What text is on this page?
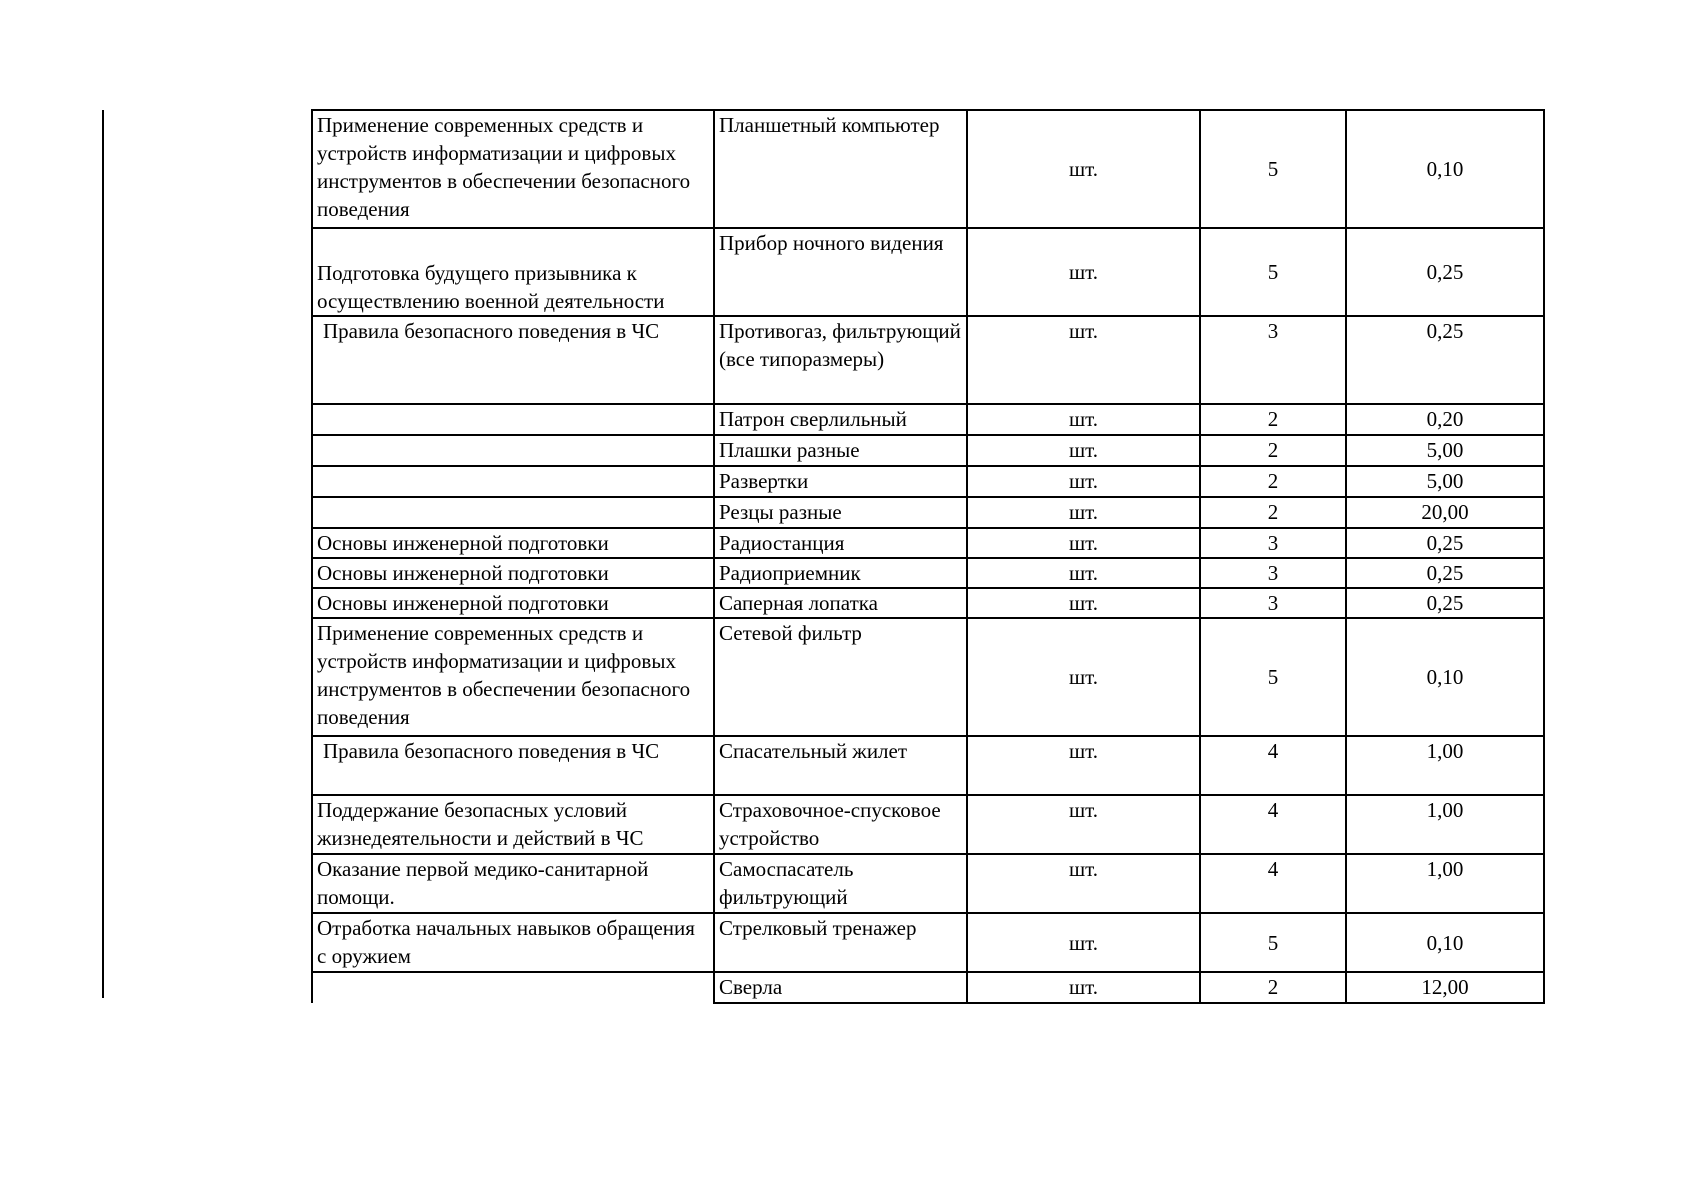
Применение современных средств и устройств информатизации и цифровых инструментов в обеспечении безопасного поведения	Планшетный компьютер	шт.	5	0,10
Подготовка будущего призывника к осуществлению военной деятельности	Прибор ночного видения	шт.	5	0,25
Правила безопасного поведения в ЧС	Противогаз, фильтрующий (все типоразмеры)	шт.	3	0,25
	Патрон сверлильный	шт.	2	0,20
	Плашки разные	шт.	2	5,00
	Развертки	шт.	2	5,00
	Резцы разные	шт.	2	20,00
Основы инженерной подготовки	Радиостанция	шт.	3	0,25
Основы инженерной подготовки	Радиоприемник	шт.	3	0,25
Основы инженерной подготовки	Саперная лопатка	шт.	3	0,25
Применение современных средств и устройств информатизации и цифровых инструментов в обеспечении безопасного поведения	Сетевой фильтр	шт.	5	0,10
Правила безопасного поведения в ЧС	Спасательный жилет	шт.	4	1,00
Поддержание безопасных условий жизнедеятельности и действий в ЧС	Страховочное-спусковое устройство	шт.	4	1,00
Оказание первой медико-санитарной помощи.	Самоспасатель фильтрующий	шт.	4	1,00
Отработка начальных навыков обращения с оружием	Стрелковый тренажер	шт.	5	0,10
	Сверла	шт.	2	12,00
